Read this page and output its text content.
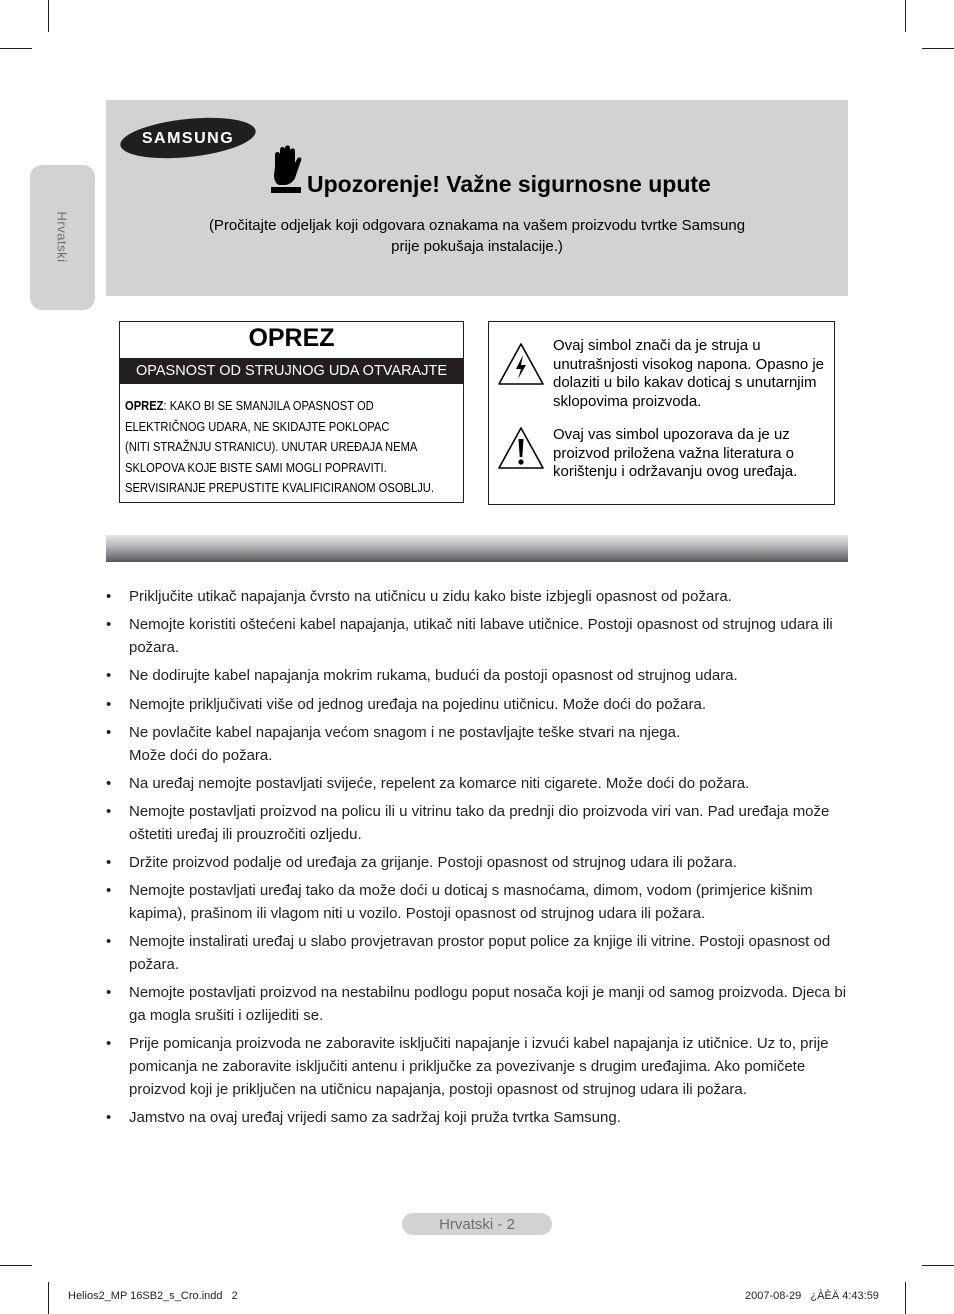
Hrvatski
SAMSUNG
Upozorenje! Važne sigurnosne upute
(Pročitajte odjeljak koji odgovara oznakama na vašem proizvodu tvrtke Samsung
prije pokušaja instalacije.)
OPREZ
OPASNOST OD STRUJNOG UDA OTVARAJTE
OPREZ: KAKO BI SE SMANJILA OPASNOST OD
ELEKTRIČNOG UDARA, NE SKIDAJTE POKLOPAC
(NITI STRAŽNJU STRANICU). UNUTAR UREĐAJA NEMA
SKLOPOVA KOJE BISTE SAMI MOGLI POPRAVITI.
SERVISIRANJE PREPUSTITE KVALIFICIRANOM OSOBLJU.
Ovaj simbol znači da je struja u unutrašnjosti visokog napona. Opasno je dolaziti u bilo kakav doticaj s unutarnjim sklopovima proizvoda.
Ovaj vas simbol upozorava da je uz proizvod priložena važna literatura o korištenju i održavanju ovog uređaja.
• Priključite utikač napajanja čvrsto na utičnicu u zidu kako biste izbjegli opasnost od požara.
• Nemojte koristiti oštećeni kabel napajanja, utikač niti labave utičnice. Postoji opasnost od strujnog udara ili požara.
• Ne dodirujte kabel napajanja mokrim rukama, budući da postoji opasnost od strujnog udara.
• Nemojte priključivati više od jednog uređaja na pojedinu utičnicu. Može doći do požara.
• Ne povlačite kabel napajanja većom snagom i ne postavljajte teške stvari na njega.
Može doći do požara.
• Na uređaj nemojte postavljati svijeće, repelent za komarce niti cigarete. Može doći do požara.
• Nemojte postavljati proizvod na policu ili u vitrinu tako da prednji dio proizvoda viri van. Pad uređaja može oštetiti uređaj ili prouzročiti ozljedu.
• Držite proizvod podalje od uređaja za grijanje. Postoji opasnost od strujnog udara ili požara.
• Nemojte postavljati uređaj tako da može doći u doticaj s masnoćama, dimom, vodom (primjerice kišnim kapima), prašinom ili vlagom niti u vozilo. Postoji opasnost od strujnog udara ili požara.
• Nemojte instalirati uređaj u slabo provjetravan prostor poput police za knjige ili vitrine. Postoji opasnost od požara.
• Nemojte postavljati proizvod na nestabilnu podlogu poput nosača koji je manji od samog proizvoda. Djeca bi ga mogla srušiti i ozlijediti se.
• Prije pomicanja proizvoda ne zaboravite isključiti napajanje i izvući kabel napajanja iz utičnice. Uz to, prije pomicanja ne zaboravite isključiti antenu i priključke za povezivanje s drugim uređajima. Ako pomičete proizvod koji je priključen na utičnicu napajanja, postoji opasnost od strujnog udara ili požara.
• Jamstvo na ovaj uređaj vrijedi samo za sadržaj koji pruža tvrtka Samsung.
Hrvatski - 2
Helios2_MP 16SB2_s_Cro.indd   2	2007-08-29   ¿ÀÈÄ 4:43:59
